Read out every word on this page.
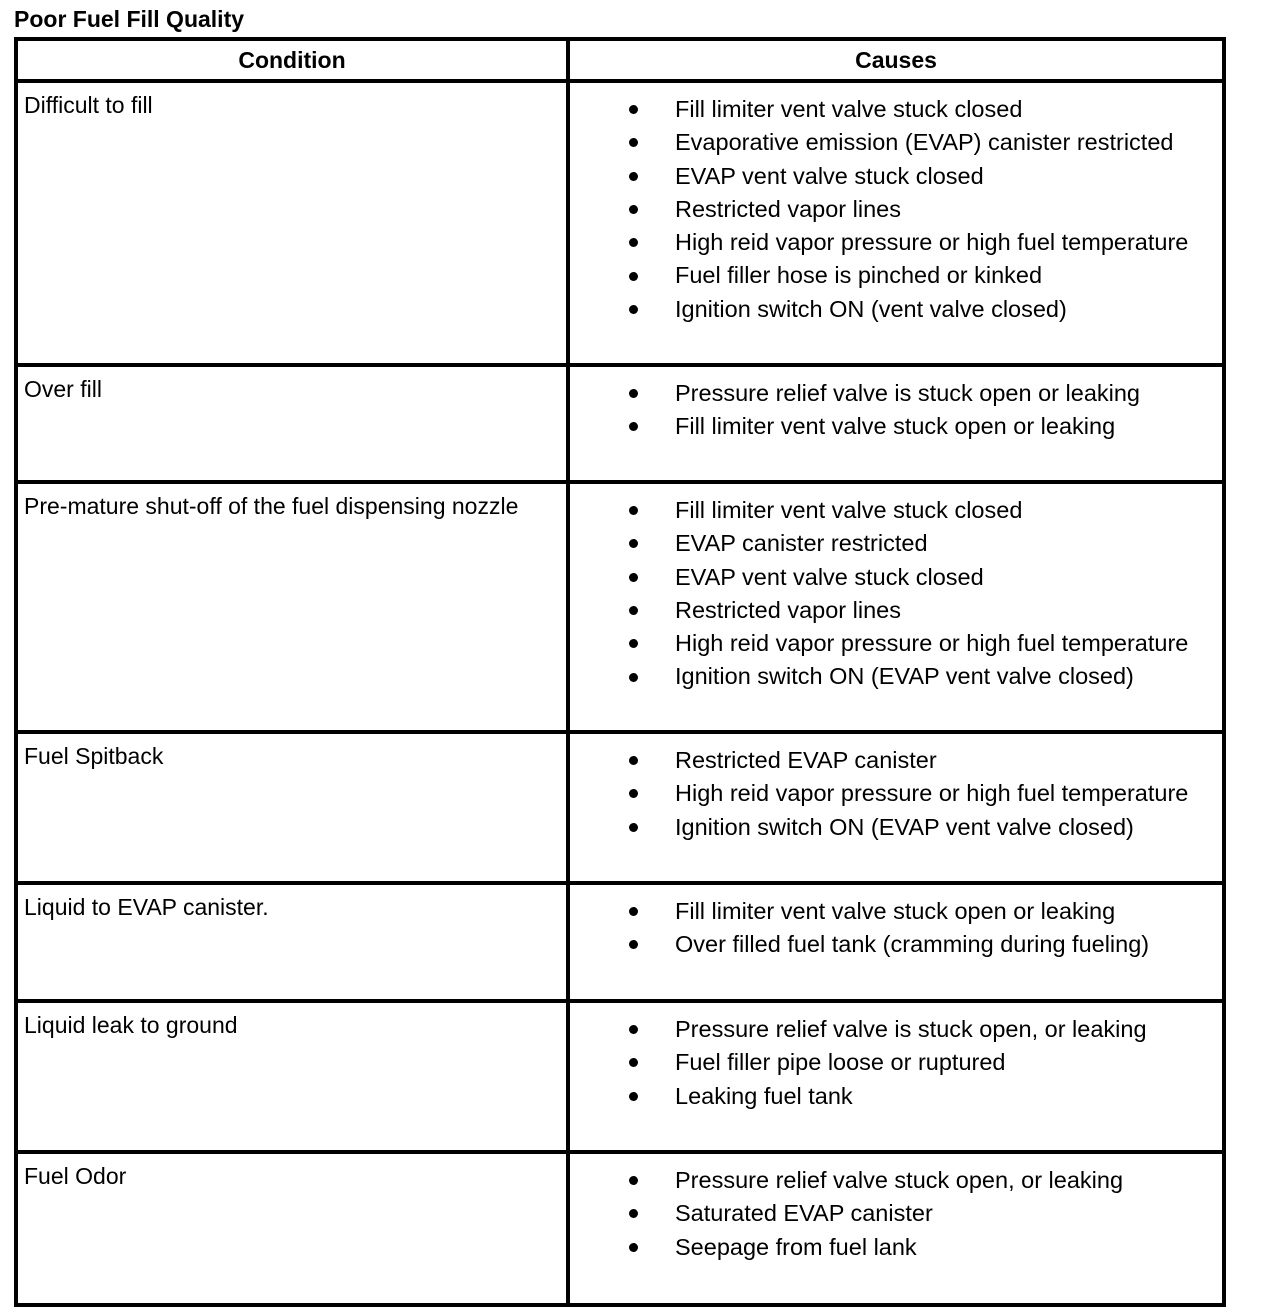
Poor Fuel Fill Quality
Condition	Causes
Difficult to fill	Fill limiter vent valve stuck closed
Evaporative emission (EVAP) canister restricted
EVAP vent valve stuck closed
Restricted vapor lines
High reid vapor pressure or high fuel temperature
Fuel filler hose is pinched or kinked
Ignition switch ON (vent valve closed)
Over fill	Pressure relief valve is stuck open or leaking
Fill limiter vent valve stuck open or leaking
Pre-mature shut-off of the fuel dispensing nozzle	Fill limiter vent valve stuck closed
EVAP canister restricted
EVAP vent valve stuck closed
Restricted vapor lines
High reid vapor pressure or high fuel temperature
Ignition switch ON (EVAP vent valve closed)
Fuel Spitback	Restricted EVAP canister
High reid vapor pressure or high fuel temperature
Ignition switch ON (EVAP vent valve closed)
Liquid to EVAP canister.	Fill limiter vent valve stuck open or leaking
Over filled fuel tank (cramming during fueling)
Liquid leak to ground	Pressure relief valve is stuck open, or leaking
Fuel filler pipe loose or ruptured
Leaking fuel tank
Fuel Odor	Pressure relief valve stuck open, or leaking
Saturated EVAP canister
Seepage from fuel lank
